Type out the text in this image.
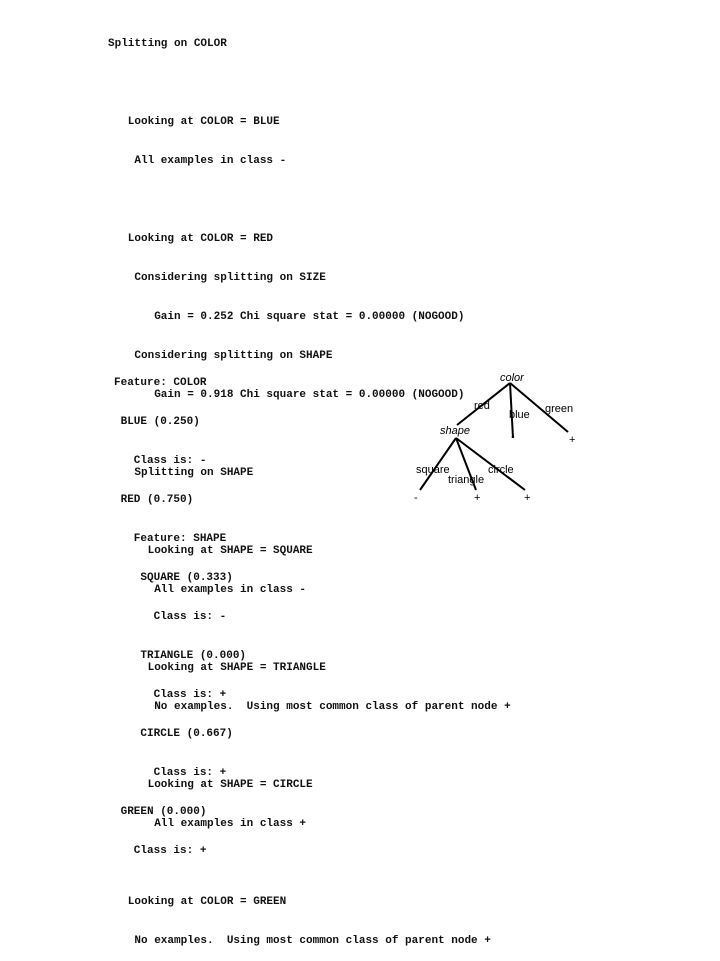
Splitting on COLOR

Looking at COLOR = BLUE

All examples in class -

Looking at COLOR = RED

Considering splitting on SIZE

Gain = 0.252 Chi square stat = 0.00000 (NOGOOD)

Considering splitting on SHAPE

Gain = 0.918 Chi square stat = 0.00000 (NOGOOD)

Splitting on SHAPE

Looking at SHAPE = SQUARE

All examples in class -

Looking at SHAPE = TRIANGLE

No examples.  Using most common class of parent node +

Looking at SHAPE = CIRCLE

All examples in class +

Looking at COLOR = GREEN

No examples.  Using most common class of parent node +

Feature: COLOR

BLUE (0.250)

Class is: -

RED (0.750)

Feature: SHAPE

SQUARE (0.333)

Class is: -

TRIANGLE (0.000)

Class is: +

CIRCLE (0.667)

Class is: +

GREEN (0.000)

Class is: +

color
red
blue green
shape	-	+
square
triangle
circle
-	+	+
